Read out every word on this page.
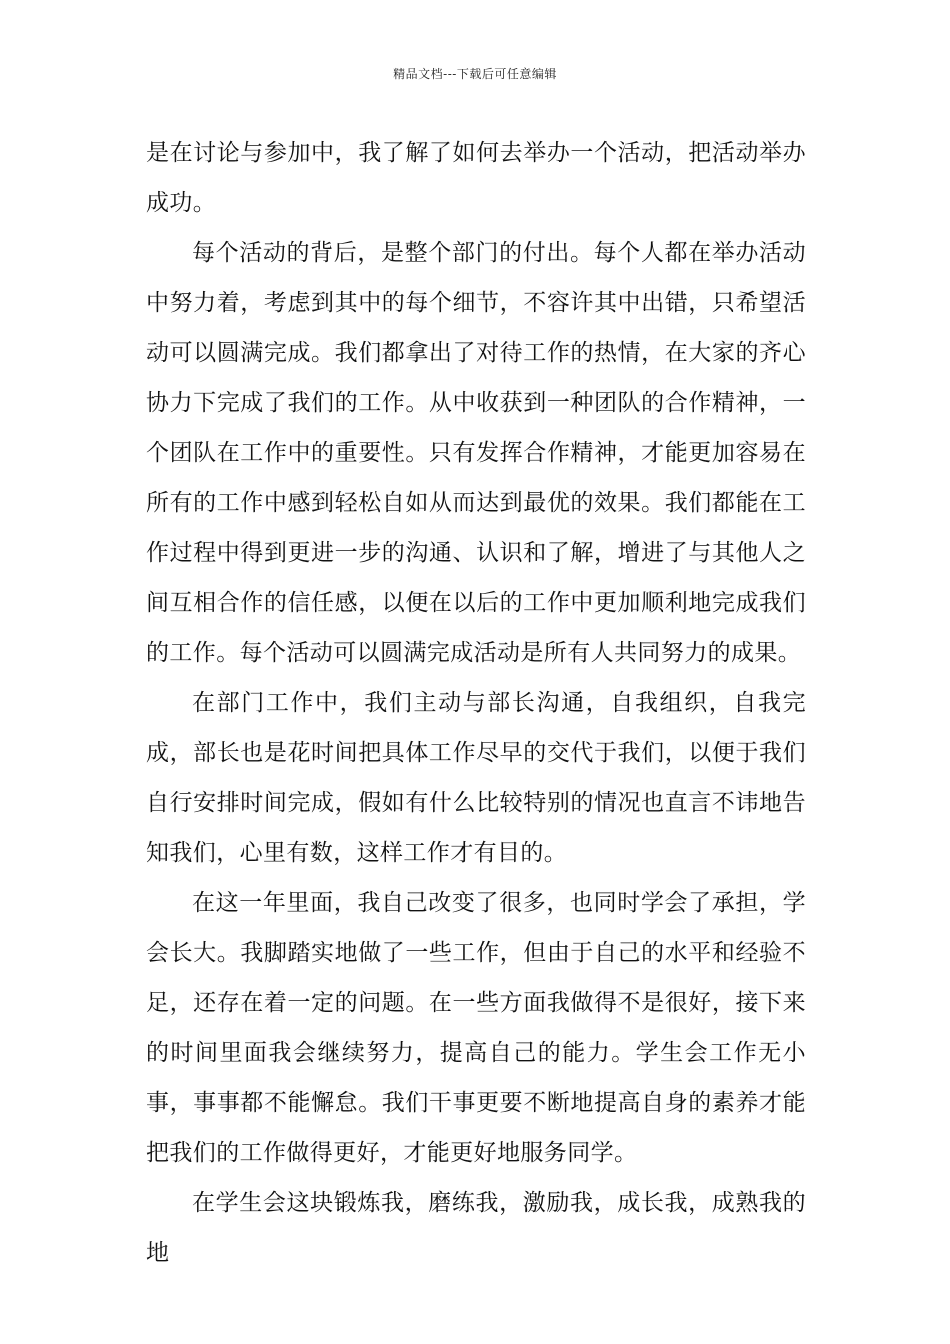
精品文档---下载后可任意编辑

是在讨论与参加中，我了解了如何去举办一个活动，把活动举办成功。

每个活动的背后，是整个部门的付出。每个人都在举办活动中努力着，考虑到其中的每个细节，不容许其中出错，只希望活动可以圆满完成。我们都拿出了对待工作的热情，在大家的齐心协力下完成了我们的工作。从中收获到一种团队的合作精神，一个团队在工作中的重要性。只有发挥合作精神，才能更加容易在所有的工作中感到轻松自如从而达到最优的效果。我们都能在工作过程中得到更进一步的沟通、认识和了解，增进了与其他人之间互相合作的信任感，以便在以后的工作中更加顺利地完成我们的工作。每个活动可以圆满完成活动是所有人共同努力的成果。

在部门工作中，我们主动与部长沟通，自我组织，自我完成，部长也是花时间把具体工作尽早的交代于我们，以便于我们自行安排时间完成，假如有什么比较特别的情况也直言不讳地告知我们，心里有数，这样工作才有目的。

在这一年里面，我自己改变了很多，也同时学会了承担，学会长大。我脚踏实地做了一些工作，但由于自己的水平和经验不足，还存在着一定的问题。在一些方面我做得不是很好，接下来的时间里面我会继续努力，提高自己的能力。学生会工作无小事，事事都不能懈怠。我们干事更要不断地提高自身的素养才能把我们的工作做得更好，才能更好地服务同学。

在学生会这块锻炼我，磨练我，激励我，成长我，成熟我的地
